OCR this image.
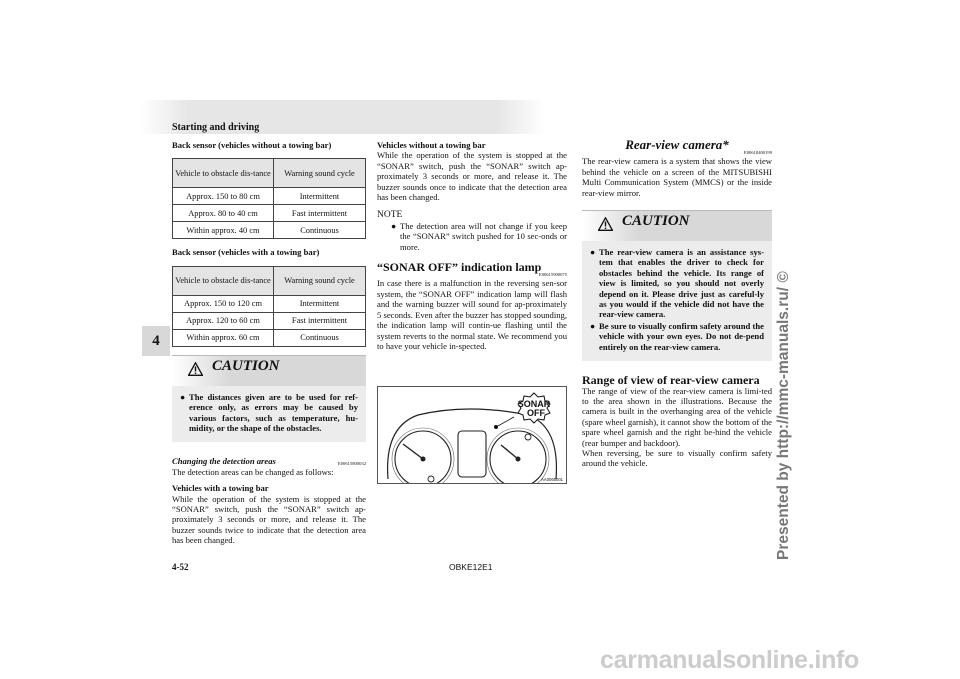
Starting and driving
4
Back sensor (vehicles without a towing bar)
Vehicle to obstacle dis-tance	Warning sound cycle
Approx. 150 to 80 cm	Intermittent
Approx. 80 to 40 cm	Fast intermittent
Within approx. 40 cm	Continuous
Back sensor (vehicles with a towing bar)
Vehicle to obstacle dis-tance	Warning sound cycle
Approx. 150 to 120 cm	Intermittent
Approx. 120 to 60 cm	Fast intermittent
Within approx. 60 cm	Continuous
CAUTION
● The distances given are to be used for ref-erence only, as errors may be caused by various factors, such as temperature, hu-midity, or the shape of the obstacles.

Changing the detection areas	E00615800032

The detection areas can be changed as follows:

Vehicles with a towing bar

While the operation of the system is stopped at the “SONAR” switch, push the “SONAR” switch ap-proximately 3 seconds or more, and release it. The buzzer sounds twice to indicate that the detection area has been changed.

Vehicles without a towing bar

While the operation of the system is stopped at the “SONAR” switch, push the “SONAR” switch ap-proximately 3 seconds or more, and release it. The buzzer sounds once to indicate that the detection area has been changed.

NOTE
● The detection area will not change if you keep the “SONAR” switch pushed for 10 sec-onds or more.

“SONAR OFF” indication lamp
E00615900075

In case there is a malfunction in the reversing sen-sor system, the “SONAR OFF” indication lamp will flash and the warning buzzer will sound for ap-proximately 5 seconds. Even after the buzzer has stopped sounding, the indication lamp will contin-ue flashing until the system reverts to the normal state. We recommend you to have your vehicle in-spected.

SONAR
OFF
AA0065001
Rear-view camera*
E00618400199

The rear-view camera is a system that shows the view behind the vehicle on a screen of the MITSUBISHI Multi Communication System (MMCS) or the inside rear-view mirror.

CAUTION
● The rear-view camera is an assistance sys-tem that enables the driver to check for obstacles behind the vehicle. Its range of view is limited, so you should not overly depend on it. Please drive just as careful-ly as you would if the vehicle did not have the rear-view camera.

● Be sure to visually confirm safety around the vehicle with your own eyes. Do not de-pend entirely on the rear-view camera.

Range of view of rear-view camera

The range of view of the rear-view camera is limi-ted to the area shown in the illustrations. Because the camera is built in the overhanging area of the vehicle (spare wheel garnish), it cannot show the bottom of the spare wheel garnish and the right be-hind the vehicle (rear bumper and backdoor).

When reversing, be sure to visually confirm safety around the vehicle.

4-52	OBKE12E1
Presented by http://mmc-manuals.ru/ ©
carmanualsonline.info
